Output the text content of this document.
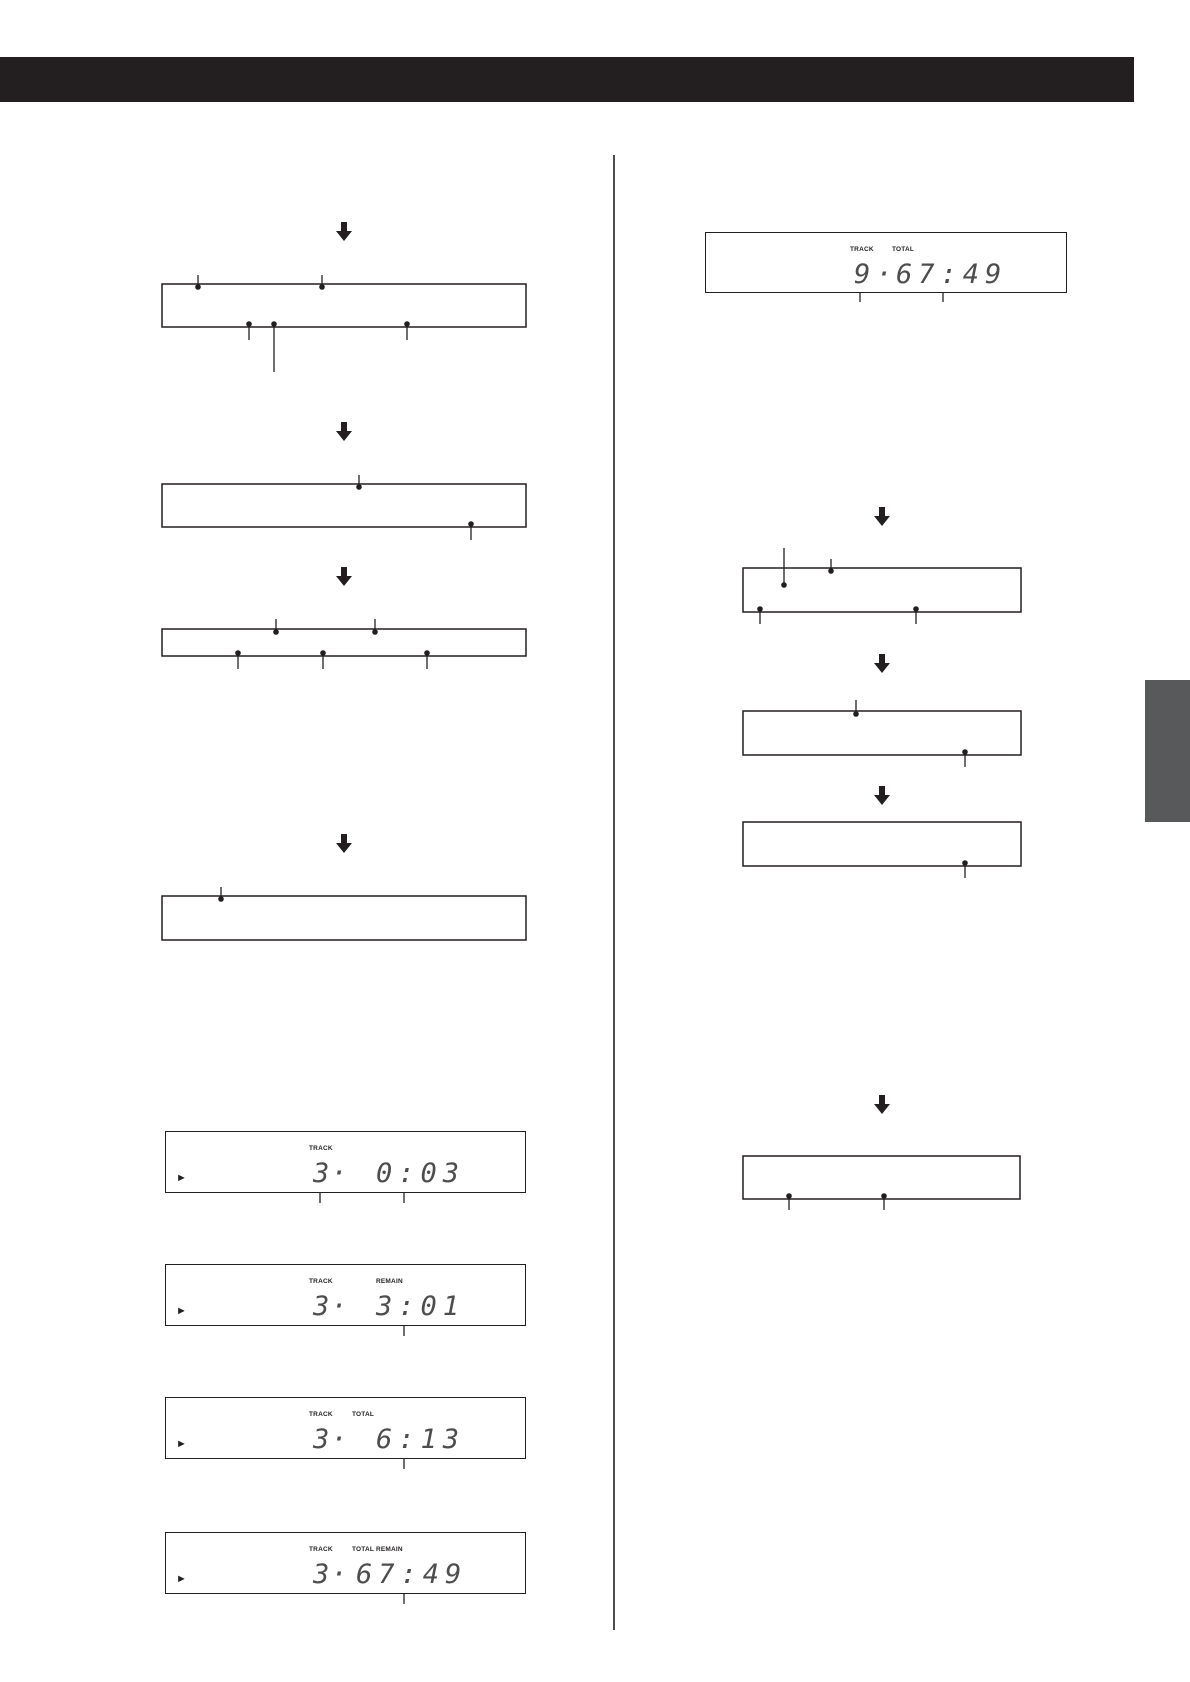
TRACK	TOTAL
9 ·
67:49
TRACK
►	3
· 0:03
TRACK	REMAIN
►	3
· 3:01
TRACK	TOTAL
►	3
· 6:13
TRACK	TOTAL REMAIN
►	3
· 67:49
